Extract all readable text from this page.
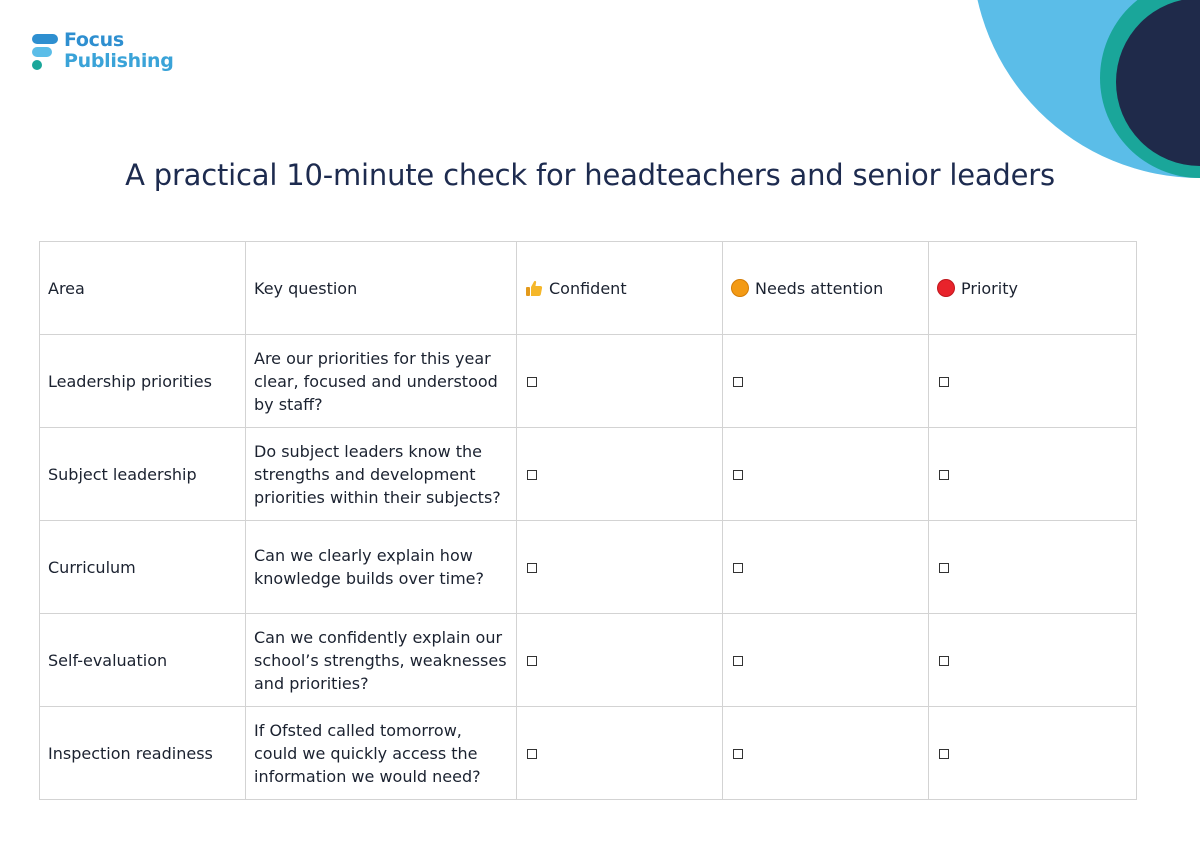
Focus
Publishing
A practical 10-minute check for headteachers and senior leaders
Area	Key question	Confident	Needs attention	Priority
Leadership priorities	Are our priorities for this year clear, focused and understood by staff?			
Subject leadership	Do subject leaders know the strengths and development priorities within their subjects?			
Curriculum	Can we clearly explain how knowledge builds over time?			
Self-evaluation	Can we confidently explain our school’s strengths, weaknesses and priorities?			
Inspection readiness	If Ofsted called tomorrow, could we quickly access the information we would need?			
